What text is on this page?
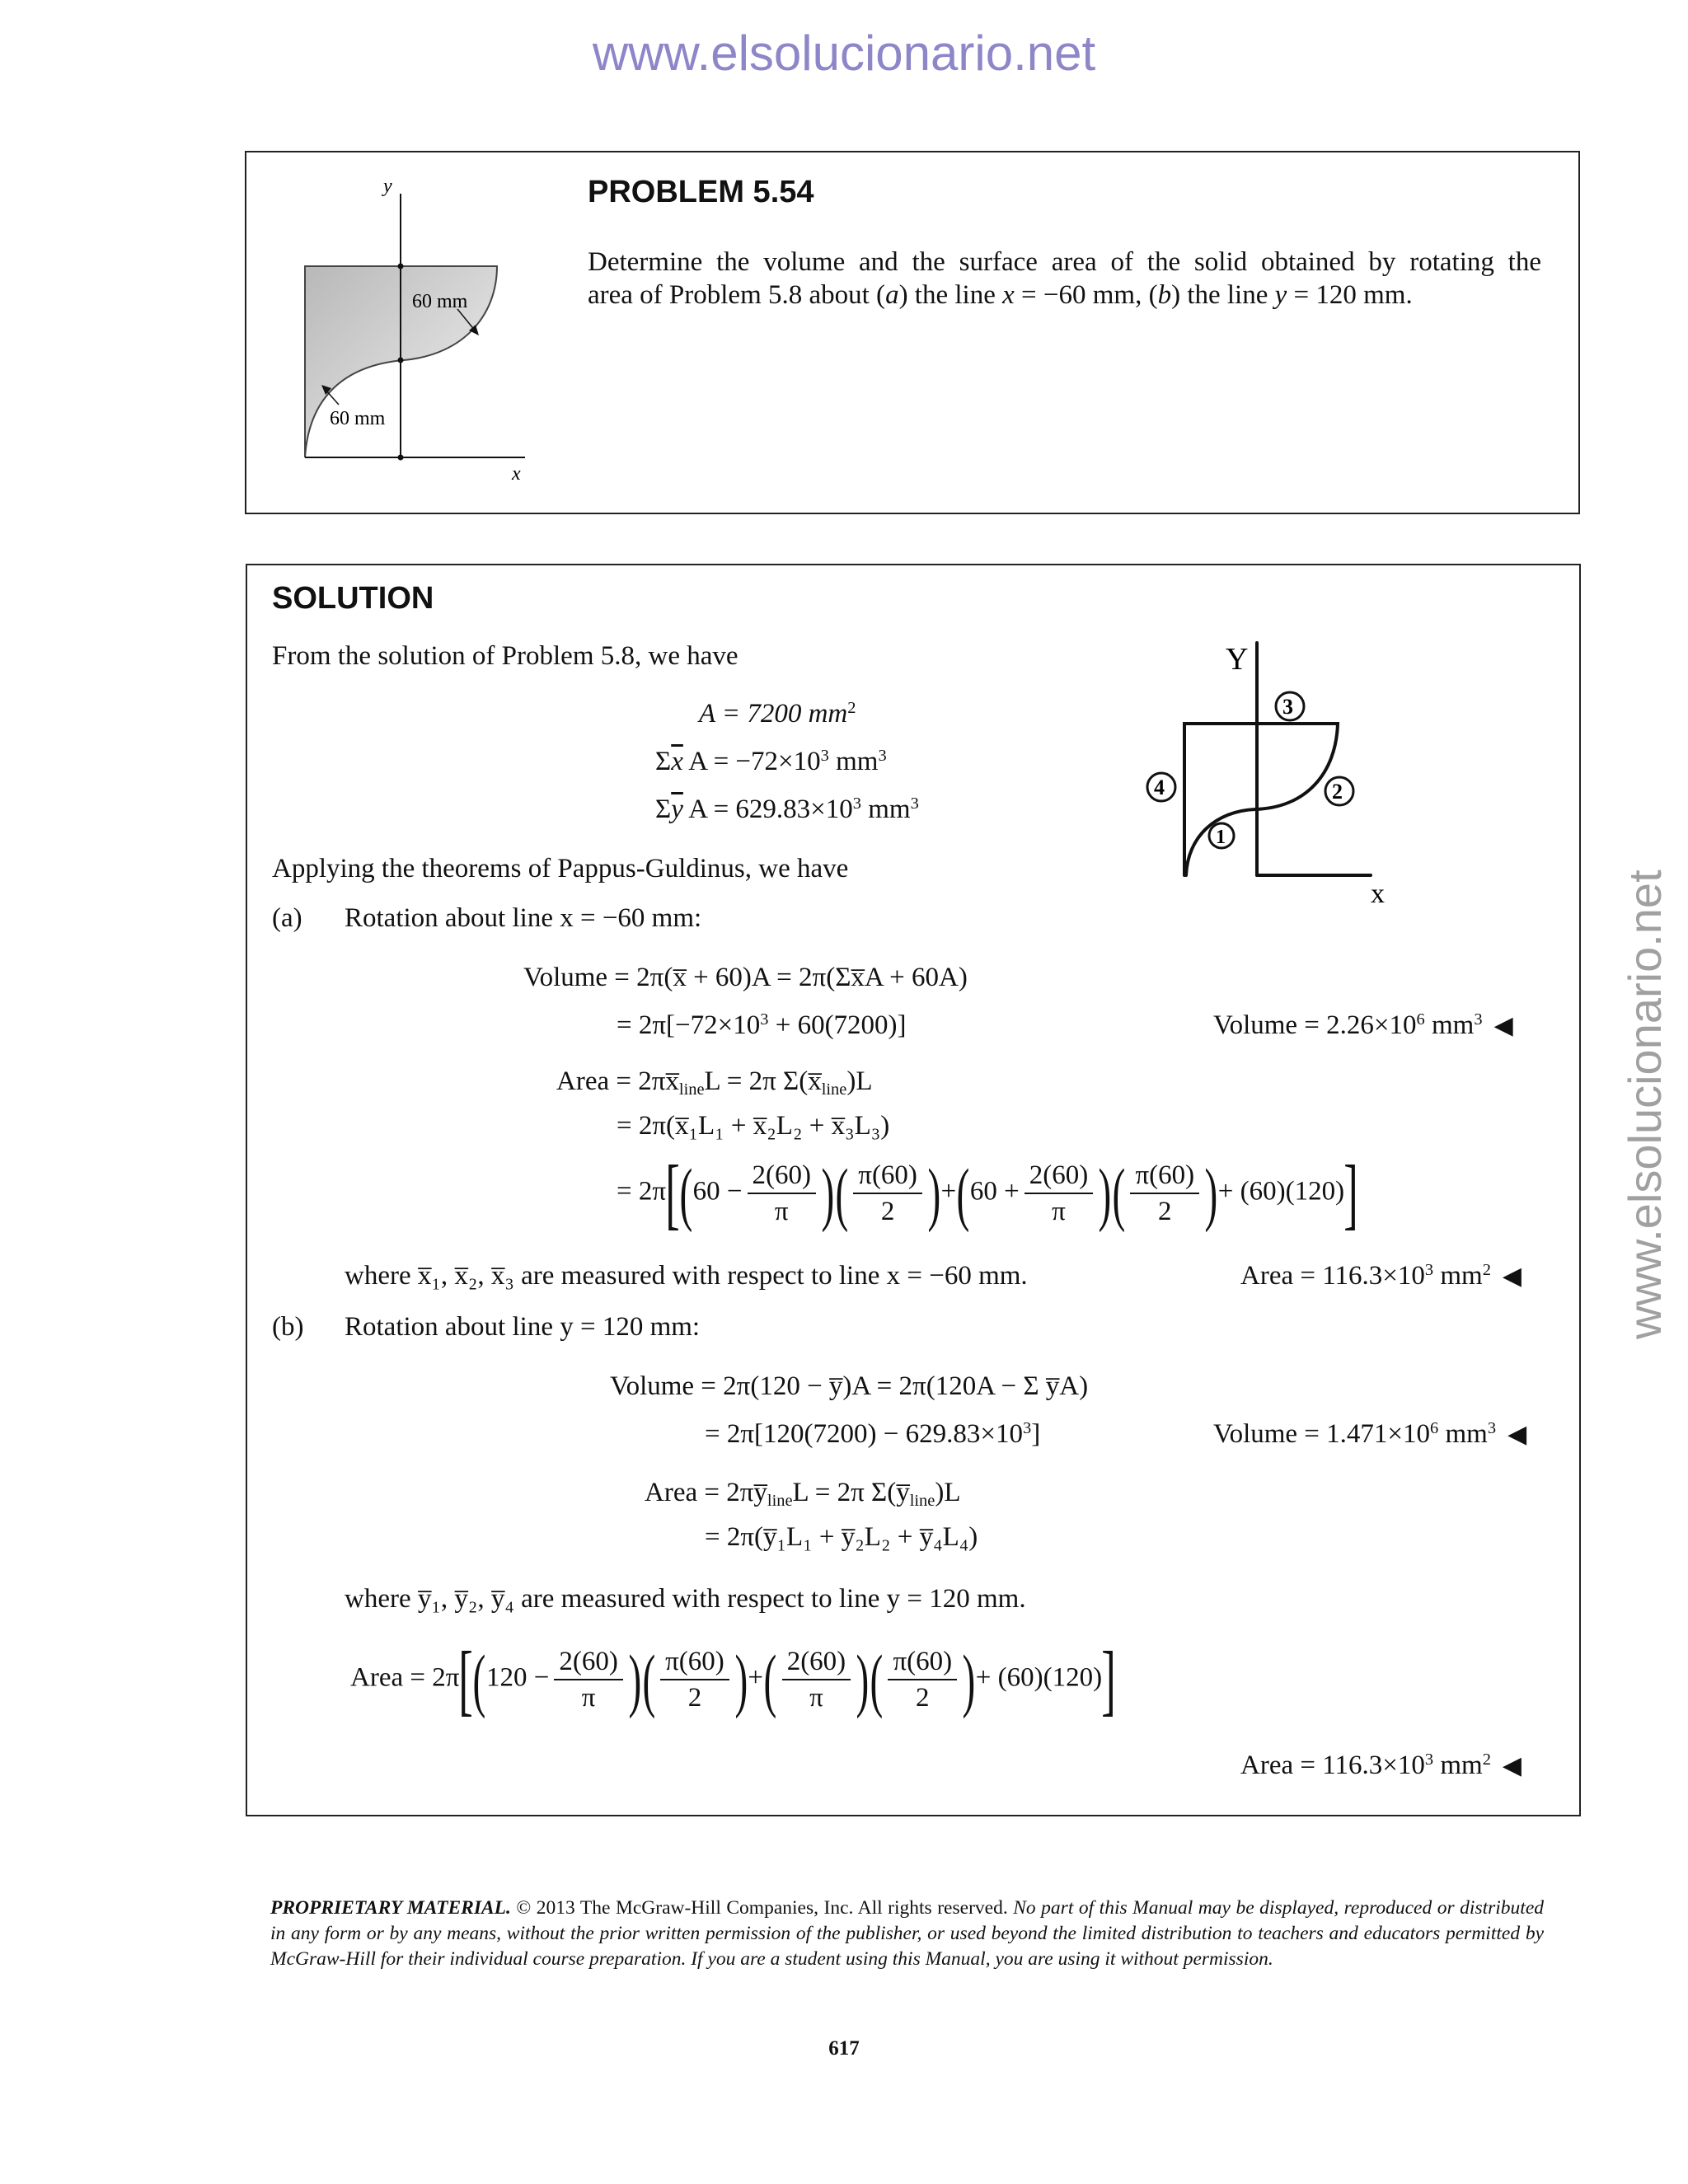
www.elsolucionario.net
www.elsolucionario.net
y
x
60 mm
60 mm
PROBLEM 5.54
Determine the volume and the surface area of the solid obtained by rotating the
area of Problem 5.8 about (a) the line x = −60 mm, (b) the line y = 120 mm.
SOLUTION
From the solution of Problem 5.8, we have
A = 7200 $mm^2$
$\Sigma\overline{x}$ $A = -72\times 10^3$ $mm^3$
$\Sigma\overline{y}$ $A = 629.83\times 10^3$ $mm^3$
Y
x
1
2
3
4
Applying the theorems of Pappus-Guldinus, we have
(a) Rotation about line x = −60 mm:
Volume = 2π(x̅ + 60)A = 2π(Σx̅A + 60A)
= $2\pi[-72\times 10^3 + 60(7200)]$	Volume = $2.26\times 10^6$ $mm^3$ ◀
Area = $2\pi x̅_{line}L = 2\pi$ $\Sigma(x̅_{line})L$
= 2π(x̅₁L₁ + x̅₂L₂ + x̅₃L₃)
= $2\pi[(60 - \frac{2(60)}{\pi}$ )( $\frac{\pi(60)}{2} )+(60 + \frac{2(60)}{\pi}$ )( $\frac{\pi(60)}{2}$ )+ (60)(120)]
where x̅₁, x̅₂, x̅₃ are measured with respect to line x = −60 mm.	Area = $116.3\times 10^3$ $mm^2$ ◀
(b) Rotation about line y = 120 mm:
Volume = 2π(120 − y̅)A = 2π(120A − Σ y̅A)
= $2\pi[120(7200) - 629.83\times 10^3]$	Volume = $1.471\times 10^6$ $mm^3$ ◀
Area = $2\pi y̅_{line}L = 2\pi$ $\Sigma(y̅_{line})L$
= 2π(y̅₁L₁ + y̅₂L₂ + y̅₄L₄)
where y̅₁, y̅₂, y̅₄ are measured with respect to line y = 120 mm.
Area = $2\pi[(120 - \frac{2(60)}{\pi}$ )( $\frac{\pi(60)}{2}$ )+( $\frac{2(60)}{\pi}$ )( $\frac{\pi(60)}{2}$ )+ (60)(120)]
Area = $116.3\times 10^3$ $mm^2$ ◀
PROPRIETARY MATERIAL. © 2013 The McGraw-Hill Companies, Inc. All rights reserved. No part of this Manual may be displayed, reproduced or distributed in any form or by any means, without the prior written permission of the publisher, or used beyond the limited distribution to teachers and educators permitted by McGraw-Hill for their individual course preparation. If you are a student using this Manual, you are using it without permission.
617
